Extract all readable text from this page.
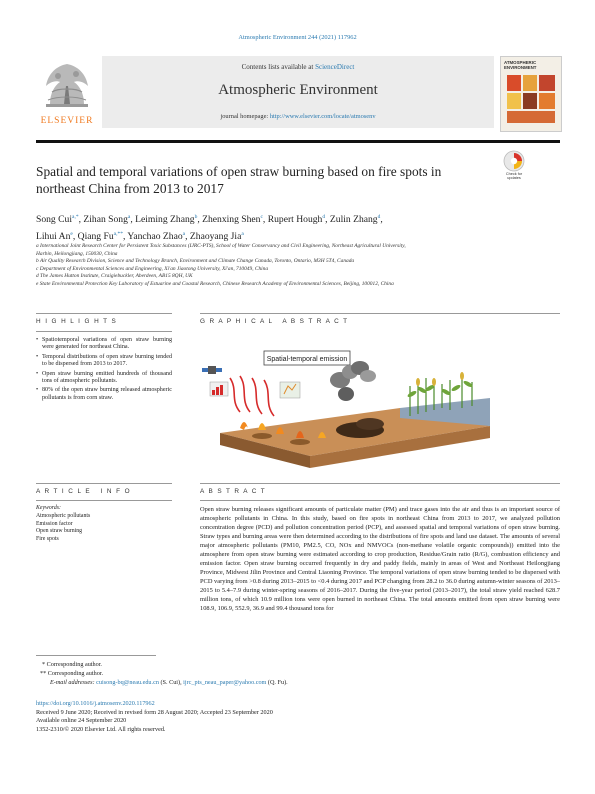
Atmospheric Environment 244 (2021) 117962
ELSEVIER
Contents lists available at ScienceDirect
Atmospheric Environment
journal homepage: http://www.elsevier.com/locate/atmosenv
ATMOSPHERIC ENVIRONMENT
Spatial and temporal variations of open straw burning based on fire spots in northeast China from 2013 to 2017
Check for updates
Song Cui$^{a,*}$, Zihan Song$^a$, Leiming Zhang$^b$, Zhenxing Shen$^c$, Rupert Hough$^d$, Zulin Zhang$^d$,
Lihui An$^e$, Qiang $Fu^{a,**}$, Yanchao Zhao$^a$, Zhaoyang Jia$^a$
a International Joint Research Center for Persistent Toxic Substances (IJRC-PTS), School of Water Conservancy and Civil Engineering, Northeast Agricultural University,
Harbin, Heilongjiang, 150030, China
b Air Quality Research Division, Science and Technology Branch, Environment and Climate Change Canada, Toronto, Ontario, M3H 5T4, Canada
c Department of Environmental Sciences and Engineering, Xi'an Jiaotong University, Xi'an, 710049, China
d The James Hutton Institute, Craigiebuckler, Aberdeen, AB15 8QH, UK
e State Environmental Protection Key Laboratory of Estuarine and Coastal Research, Chinese Research Academy of Environmental Sciences, Beijing, 100012, China
H I G H L I G H T S	G R A P H I C A L   A B S T R A C T
• Spatiotemporal variations of open straw burning were generated for northeast China.
• Temporal distributions of open straw burning tended to be dispersed from 2013 to 2017.
• Open straw burning emitted hundreds of thousand tons of atmospheric pollutants.
• 80% of the open straw burning released atmospheric pollutants is from corn straw.
Spatial-temporal emission
A R T I C L E   I N F O	A B S T R A C T
Keywords:
Atmospheric pollutants
Emission factor
Open straw burning
Fire spots
Open straw burning releases significant amounts of particulate matter (PM) and trace gases into the air and thus is an important source of atmospheric pollutants in China. In this study, based on fire spots in northeast China from 2013 to 2017, we analyzed pollution concentration degree (PCD) and pollution concentration period (PCP), and assessed spatial and temporal variations of open straw burning. Straw types and burning areas were then determined according to the distributions of fire spots and land use dataset. The amounts of several major atmospheric pollutants (PM10, PM2.5, CO, NOx and NMVOCs (non-methane volatile organic compounds)) emitted into the atmosphere from open straw burning were estimated according to crop production, Residue/Grain ratio (R/G), combustion efficiency and emission factor. Open straw burning occurred frequently in dry and paddy fields, mainly in areas of West and Northeast Heilongjiang Province, Midwest Jilin Province and Central Liaoning Province. The temporal variations of open straw burning tended to be dispersed with PCD varying from >0.8 during 2013–2015 to <0.4 during 2017 and PCP changing from 28.2 to 36.0 during autumn-winter seasons of 2013–2015 to 5.4–7.9 during winter-spring seasons of 2016–2017. During the five-year period (2013–2017), the total straw yield reached 628.7 million tons, of which 10.9 million tons were open burned in northeast China. The total amounts emitted from open straw burning were 108.9, 106.9, 552.9, 36.9 and 99.4 thousand tons for
* Corresponding author.
** Corresponding author.
E-mail addresses: cuisong-bq@neau.edu.cn (S. Cui), ijrc_pts_neau_paper@yahoo.com (Q. Fu).
https://doi.org/10.1016/j.atmosenv.2020.117962
Received 9 June 2020; Received in revised form 28 August 2020; Accepted 23 September 2020
Available online 24 September 2020
1352-2310/© 2020 Elsevier Ltd. All rights reserved.
